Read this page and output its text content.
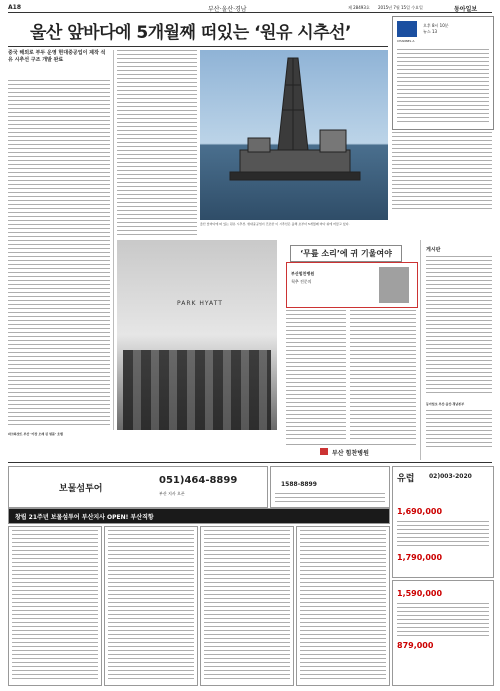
A18	부산·울산·경남	제 28493호 2015년 7월 15일 수요일	동아일보
울산 앞바다에 5개월째 떠있는 ‘원유 시추선’	CHANNEL A
오후 8시 10분
뉴스 13
중국 해외로 부두 운영 현대중공업이 제작 석유 시추선 구조 개발 완료
울산 앞바다에 떠 있는 원유 시추선. 현대중공업이 건조한 이 시추선은 올해 초부터 5개월째 바다 위에 머물고 있다.
PARK HYATT
파크하얏트 부산 ‘가장 오래 된 명품’ 호텔
‘무릎 소리’에 귀 기울여야
부산힘찬병원
척추 전문의
부산 힘찬병원
게시판
동아일보 부산·울산·경남본부
보물섬투어
051)464-8899
부산 지사 오픈
1588-8899
유럽 02)003-2020
1,690,000
1,790,000
창립 21주년 보물섬투어 부산지사 OPEN! 부산직항
1,590,000
879,000
